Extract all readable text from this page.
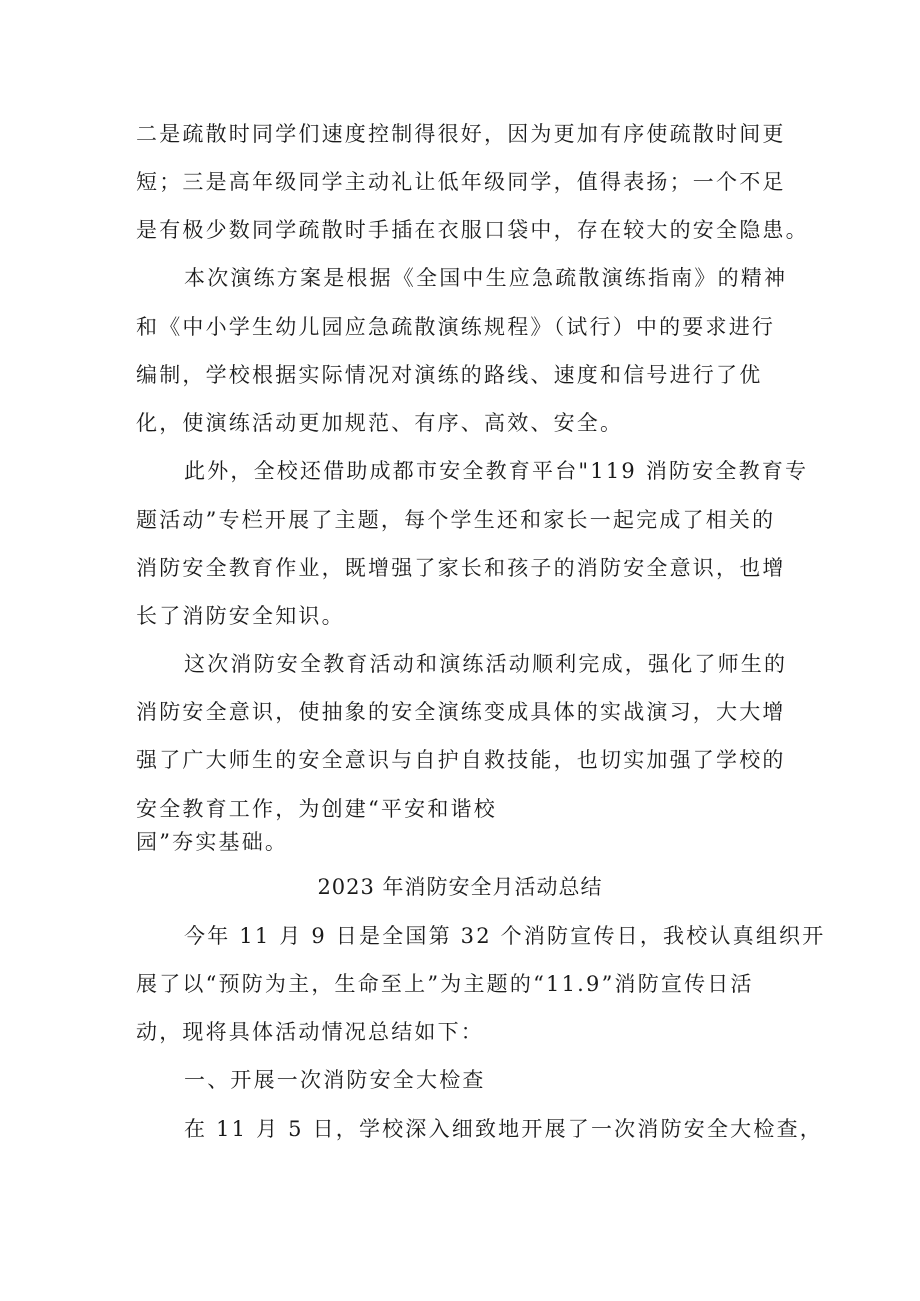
二是疏散时同学们速度控制得很好，因为更加有序使疏散时间更
短；三是高年级同学主动礼让低年级同学，值得表扬；一个不足
是有极少数同学疏散时手插在衣服口袋中，存在较大的安全隐患。
本次演练方案是根据《全国中生应急疏散演练指南》的精神
和《中小学生幼儿园应急疏散演练规程》（试行）中的要求进行
编制，学校根据实际情况对演练的路线、速度和信号进行了优
化，使演练活动更加规范、有序、高效、安全。
此外，全校还借助成都市安全教育平台"119 消防安全教育专
题活动”专栏开展了主题，每个学生还和家长一起完成了相关的
消防安全教育作业，既增强了家长和孩子的消防安全意识，也增
长了消防安全知识。
这次消防安全教育活动和演练活动顺利完成，强化了师生的
消防安全意识，使抽象的安全演练变成具体的实战演习，大大增
强了广大师生的安全意识与自护自救技能，也切实加强了学校的
安全教育工作，为创建“平安和谐校
园”夯实基础。
2023 年消防安全月活动总结
今年 11 月 9 日是全国第 32 个消防宣传日，我校认真组织开
展了以“预防为主，生命至上”为主题的“11.9”消防宣传日活
动，现将具体活动情况总结如下：
一、开展一次消防安全大检查
在 11 月 5 日，学校深入细致地开展了一次消防安全大检查，
